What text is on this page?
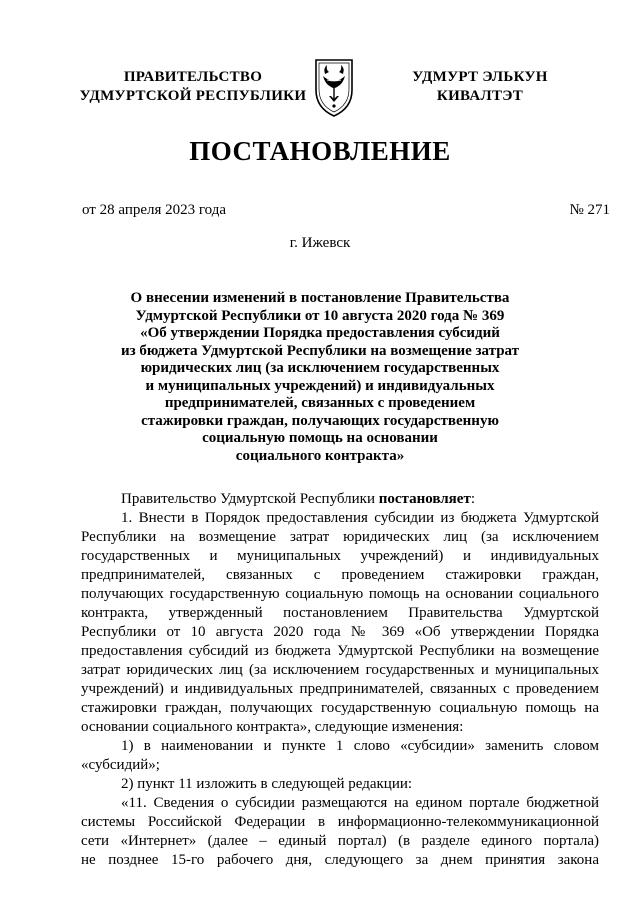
ПРАВИТЕЛЬСТВО
УДМУРТСКОЙ РЕСПУБЛИКИ
УДМУРТ ЭЛЬКУН
КИВАЛТЭТ
ПОСТАНОВЛЕНИЕ
от 28 апреля 2023 года	№ 271
г. Ижевск
О внесении изменений в постановление Правительства
Удмуртской Республики от 10 августа 2020 года № 369
«Об утверждении Порядка предоставления субсидий
из бюджета Удмуртской Республики на возмещение затрат
юридических лиц (за исключением государственных
и муниципальных учреждений) и индивидуальных
предпринимателей, связанных с проведением
стажировки граждан, получающих государственную
социальную помощь на основании
социального контракта»
Правительство Удмуртской Республики постановляет:
1. Внести в Порядок предоставления субсидии из бюджета Удмуртской
Республики на возмещение затрат юридических лиц (за исключением
государственных и муниципальных учреждений) и индивидуальных
предпринимателей, связанных с проведением стажировки граждан,
получающих государственную социальную помощь на основании социального
контракта, утвержденный постановлением Правительства Удмуртской
Республики от 10 августа 2020 года № 369 «Об утверждении Порядка
предоставления субсидий из бюджета Удмуртской Республики на возмещение
затрат юридических лиц (за исключением государственных и муниципальных
учреждений) и индивидуальных предпринимателей, связанных с проведением
стажировки граждан, получающих государственную социальную помощь на
основании социального контракта», следующие изменения:
1) в наименовании и пункте 1 слово «субсидии» заменить словом
«субсидий»;
2) пункт 11 изложить в следующей редакции:
«11. Сведения о субсидии размещаются на едином портале бюджетной
системы Российской Федерации в информационно-телекоммуникационной
сети «Интернет» (далее – единый портал) (в разделе единого портала)
не позднее 15-го рабочего дня, следующего за днем принятия закона
